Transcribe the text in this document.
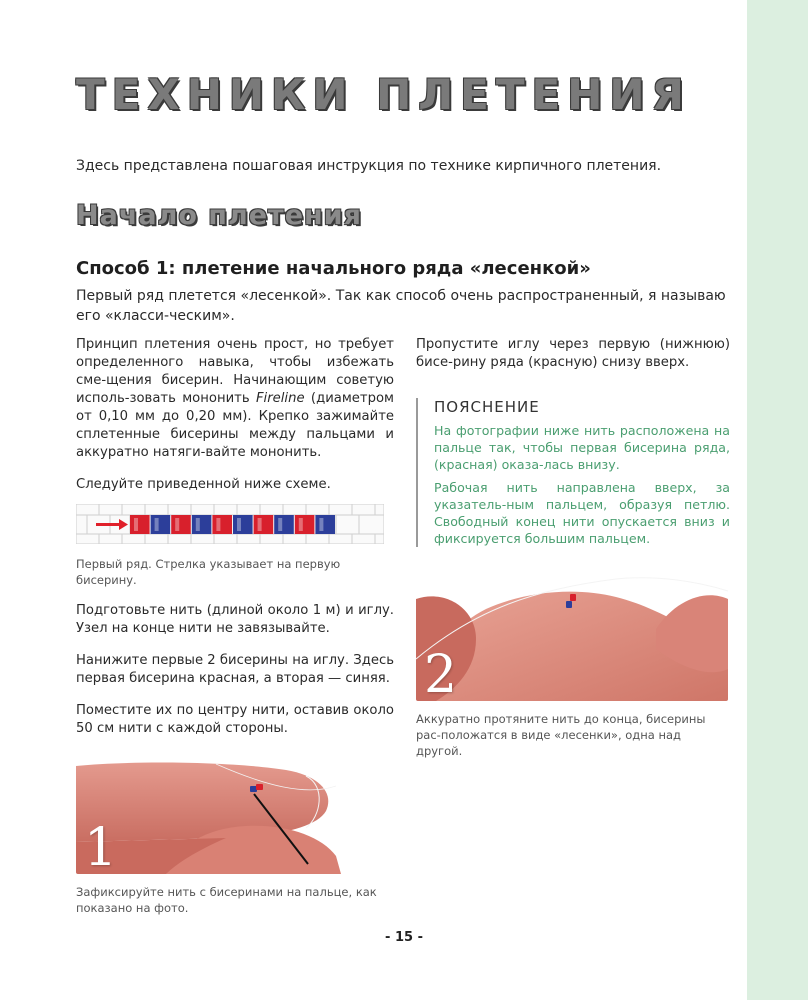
ТЕХНИКИ ПЛЕТЕНИЯ

Здесь представлена пошаговая инструкция по технике кирпичного плетения.

Начало плетения
Способ 1: плетение начального ряда «лесенкой»

Первый ряд плетется «лесенкой». Так как способ очень распространенный, я называю его «класси-ческим».

Принцип плетения очень прост, но требует определенного навыка, чтобы избежать сме-щения бисерин. Начинающим советую исполь-зовать мононить Fireline (диаметром от 0,10 мм до 0,20 мм). Крепко зажимайте сплетенные бисерины между пальцами и аккуратно натяги-вайте мононить.

Следуйте приведенной ниже схеме.

Первый ряд. Стрелка указывает на первую бисерину.

Подготовьте нить (длиной около 1 м) и иглу. Узел на конце нити не завязывайте.

Нанижите первые 2 бисерины на иглу. Здесь первая бисерина красная, а вторая — синяя.

Поместите их по центру нити, оставив около 50 см нити с каждой стороны.

1

Зафиксируйте нить с бисеринами на пальце, как показано на фото.

Пропустите иглу через первую (нижнюю) бисе-рину ряда (красную) снизу вверх.

ПОЯСНЕНИЕ

На фотографии ниже нить расположена на пальце так, чтобы первая бисерина ряда, (красная) оказа-лась внизу.

Рабочая нить направлена вверх, за указатель-ным пальцем, образуя петлю. Свободный конец нити опускается вниз и фиксируется большим пальцем.

2

Аккуратно протяните нить до конца, бисерины рас-положатся в виде «лесенки», одна над другой.

- 15 -
